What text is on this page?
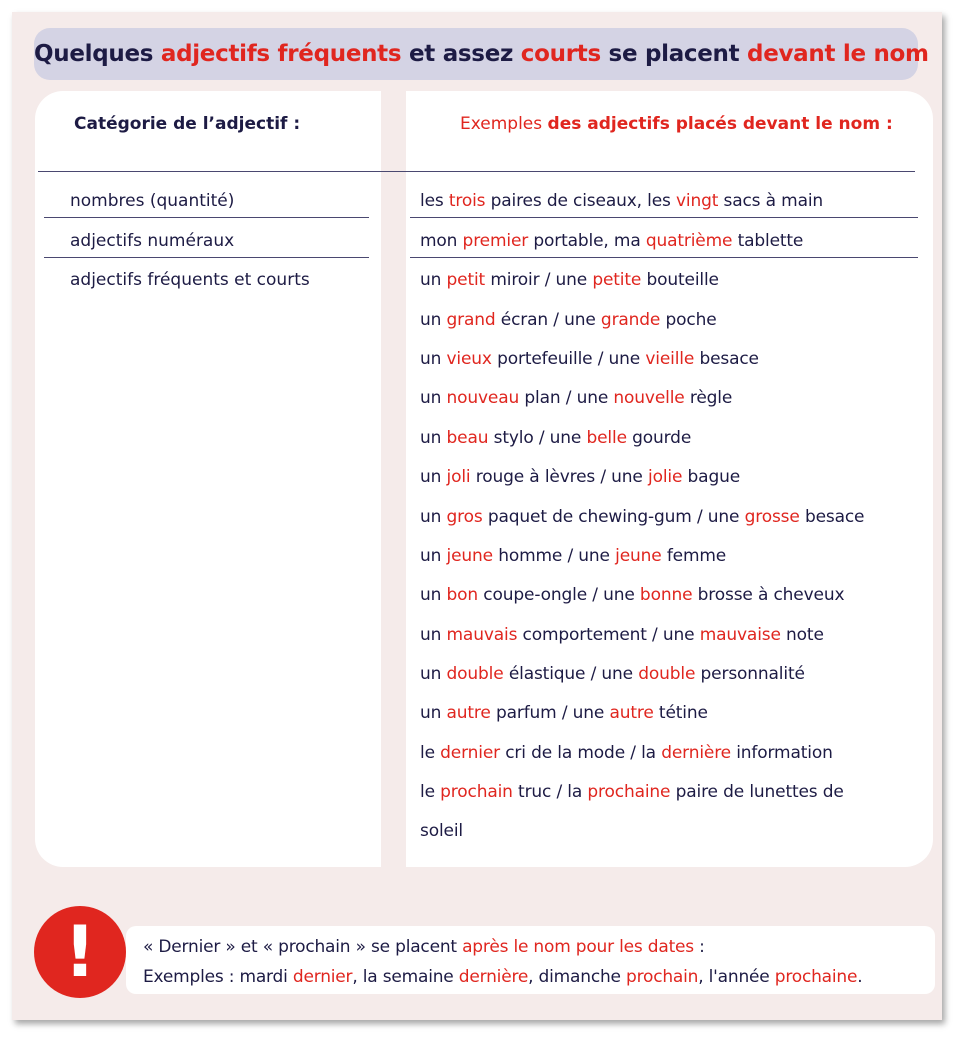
Quelques adjectifs fréquents et assez courts se placent devant le nom
Catégorie de l’adjectif :	Exemples des adjectifs placés devant le nom :
nombres (quantité)
adjectifs numéraux
adjectifs fréquents et courts
les trois paires de ciseaux, les vingt sacs à main
mon premier portable, ma quatrième tablette
un petit miroir / une petite bouteille
un grand écran / une grande poche
un vieux portefeuille / une vieille besace
un nouveau plan / une nouvelle règle
un beau stylo / une belle gourde
un joli rouge à lèvres / une jolie bague
un gros paquet de chewing-gum / une grosse besace
un jeune homme / une jeune femme
un bon coupe-ongle / une bonne brosse à cheveux
un mauvais comportement / une mauvaise note
un double élastique / une double personnalité
un autre parfum / une autre tétine
le dernier cri de la mode / la dernière information
le prochain truc / la prochaine paire de lunettes de
soleil
!	« Dernier » et « prochain » se placent après le nom pour les dates :
Exemples : mardi dernier, la semaine dernière, dimanche prochain, l'année prochaine.
